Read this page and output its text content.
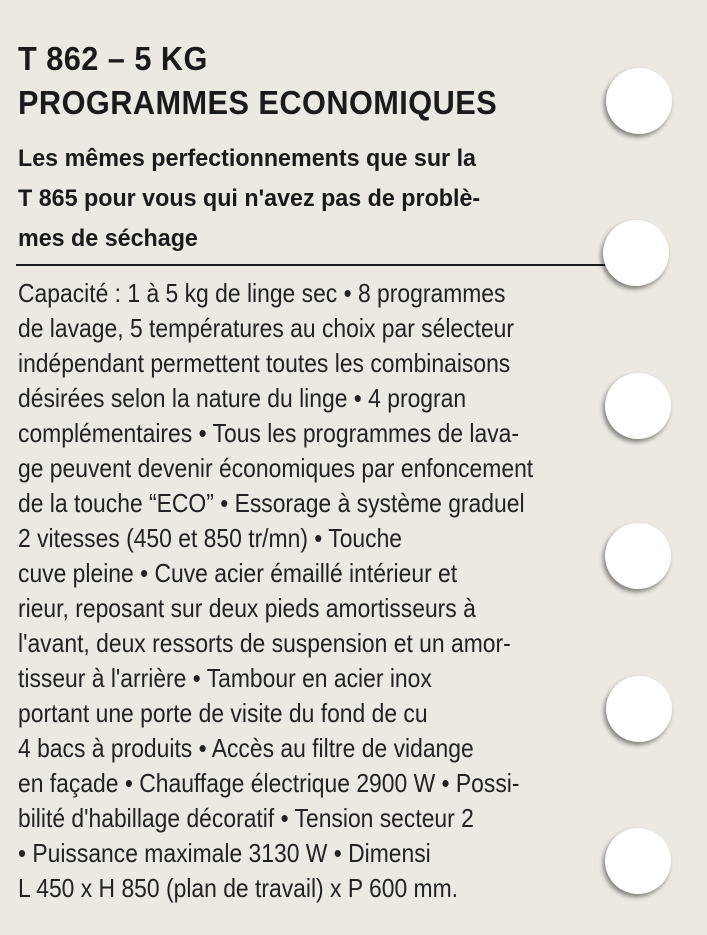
T 862 – 5 KG
PROGRAMMES ECONOMIQUES
Les mêmes perfectionnements que sur la
T 865 pour vous qui n'avez pas de problè-
mes de séchage
Capacité : 1 à 5 kg de linge sec • 8 programmes
de lavage, 5 températures au choix par sélecteur
indépendant permettent toutes les combinaisons
désirées selon la nature du linge • 4 progran
complémentaires • Tous les programmes de lava-
ge peuvent devenir économiques par enfoncement
de la touche “ECO” • Essorage à système graduel
2 vitesses (450 et 850 tr/mn) • Touche
cuve pleine • Cuve acier émaillé intérieur et
rieur, reposant sur deux pieds amortisseurs à
l'avant, deux ressorts de suspension et un amor-
tisseur à l'arrière • Tambour en acier inox
portant une porte de visite du fond de cu
4 bacs à produits • Accès au filtre de vidange
en façade • Chauffage électrique 2900 W • Possi-
bilité d'habillage décoratif • Tension secteur 2
• Puissance maximale 3130 W • Dimensi
L 450 x H 850 (plan de travail) x P 600 mm.
